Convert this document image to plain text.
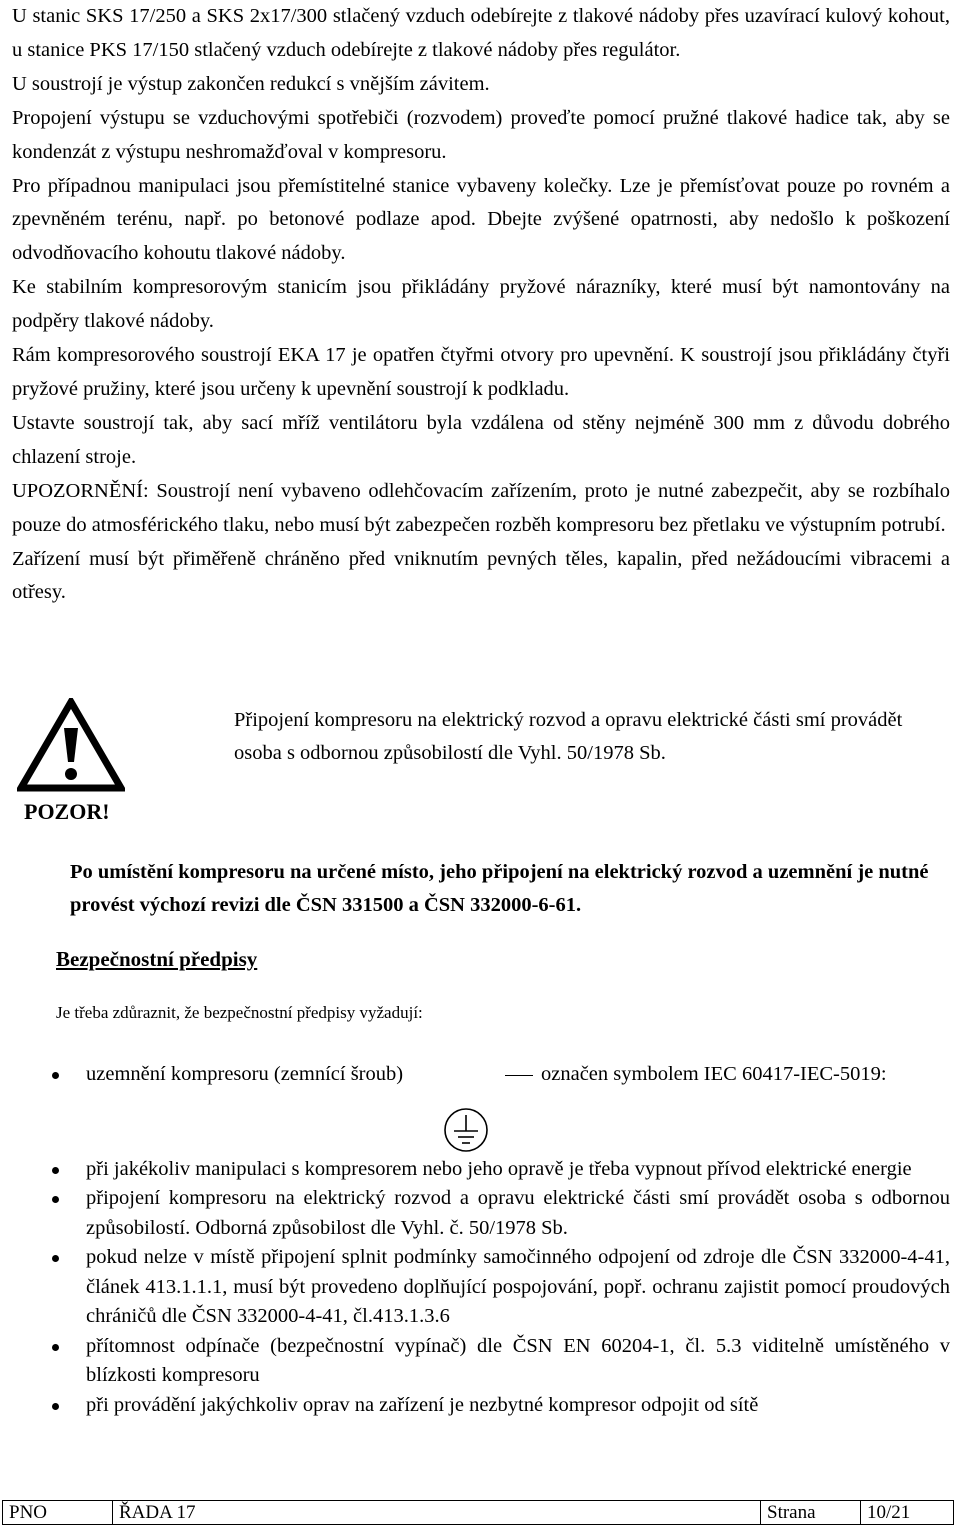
U stanic SKS 17/250 a SKS 2x17/300 stlačený vzduch odebírejte z tlakové nádoby přes uzavírací kulový kohout, u stanice PKS 17/150 stlačený vzduch odebírejte z tlakové nádoby přes regulátor.

U soustrojí je výstup zakončen redukcí s vnějším závitem.

Propojení výstupu se vzduchovými spotřebiči (rozvodem) proveďte pomocí pružné tlakové hadice tak, aby se kondenzát z výstupu neshromažďoval v kompresoru.

Pro případnou manipulaci jsou přemístitelné stanice vybaveny kolečky. Lze je přemísťovat pouze po rovném a zpevněném terénu, např. po betonové podlaze apod. Dbejte zvýšené opatrnosti, aby nedošlo k poškození odvodňovacího kohoutu tlakové nádoby.

Ke stabilním kompresorovým stanicím jsou přikládány pryžové nárazníky, které musí být namontovány na podpěry tlakové nádoby.

Rám kompresorového soustrojí EKA 17 je opatřen čtyřmi otvory pro upevnění. K soustrojí jsou přikládány čtyři pryžové pružiny, které jsou určeny k upevnění soustrojí k podkladu.

Ustavte soustrojí tak, aby sací mříž ventilátoru byla vzdálena od stěny nejméně 300 mm z důvodu dobrého chlazení stroje.

UPOZORNĚNÍ: Soustrojí není vybaveno odlehčovacím zařízením, proto je nutné zabezpečit, aby se rozbíhalo pouze do atmosférického tlaku, nebo musí být zabezpečen rozběh kompresoru bez přetlaku ve výstupním potrubí.

Zařízení musí být přiměřeně chráněno před vniknutím pevných těles, kapalin, před nežádoucími vibracemi a otřesy.

POZOR!

Připojení kompresoru na elektrický rozvod a opravu elektrické části smí provádět osoba s odbornou způsobilostí dle Vyhl. 50/1978 Sb.

Po umístění kompresoru na určené místo, jeho připojení na elektrický rozvod a uzemnění je nutné provést výchozí revizi dle ČSN 331500 a ČSN 332000-6-61.

Bezpečnostní předpisy

Je třeba zdůraznit, že bezpečnostní předpisy vyžadují:

uzemnění kompresoru (zemnící šroub)	označen symbolem IEC 60417-IEC-5019:
při jakékoliv manipulaci s kompresorem nebo jeho opravě je třeba vypnout přívod elektrické energie
připojení kompresoru na elektrický rozvod a opravu elektrické části smí provádět osoba s odbornou způsobilostí. Odborná způsobilost dle Vyhl. č. 50/1978 Sb.
pokud nelze v místě připojení splnit podmínky samočinného odpojení od zdroje dle ČSN 332000-4-41, článek 413.1.1.1, musí být provedeno doplňující pospojování, popř. ochranu zajistit pomocí proudových chráničů dle ČSN 332000-4-41, čl.413.1.3.6
přítomnost odpínače (bezpečnostní vypínač) dle ČSN EN 60204-1, čl. 5.3 viditelně umístěného v blízkosti kompresoru
při provádění jakýchkoliv oprav na zařízení je nezbytné kompresor odpojit od sítě
PNO	ŘADA 17	Strana	10/21
